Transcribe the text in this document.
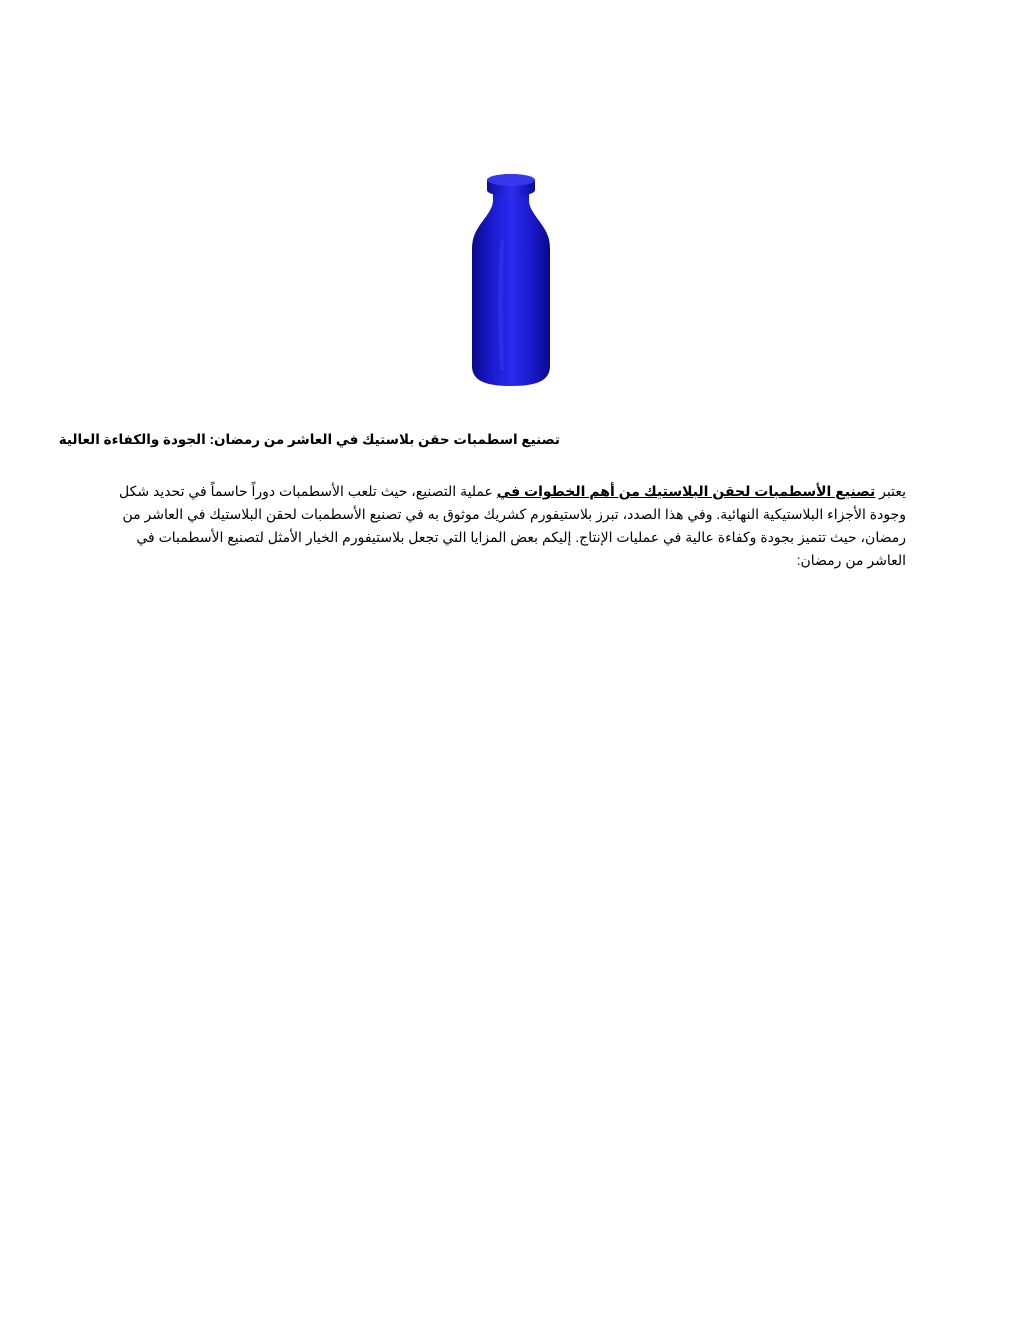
تصنيع اسطمبات حقن بلاستيك في العاشر من رمضان: الجودة والكفاءة العالية

يعتبر تصنيع الأسطمبات لحقن البلاستيك من أهم الخطوات في عملية التصنيع، حيث تلعب الأسطمبات دوراً حاسماً في تحديد شكل وجودة الأجزاء البلاستيكية النهائية. وفي هذا الصدد، تبرز بلاستيفورم كشريك موثوق به في تصنيع الأسطمبات لحقن البلاستيك في العاشر من رمضان، حيث تتميز بجودة وكفاءة عالية في عمليات الإنتاج. إليكم بعض المزايا التي تجعل بلاستيفورم الخيار الأمثل لتصنيع الأسطمبات في العاشر من رمضان:
